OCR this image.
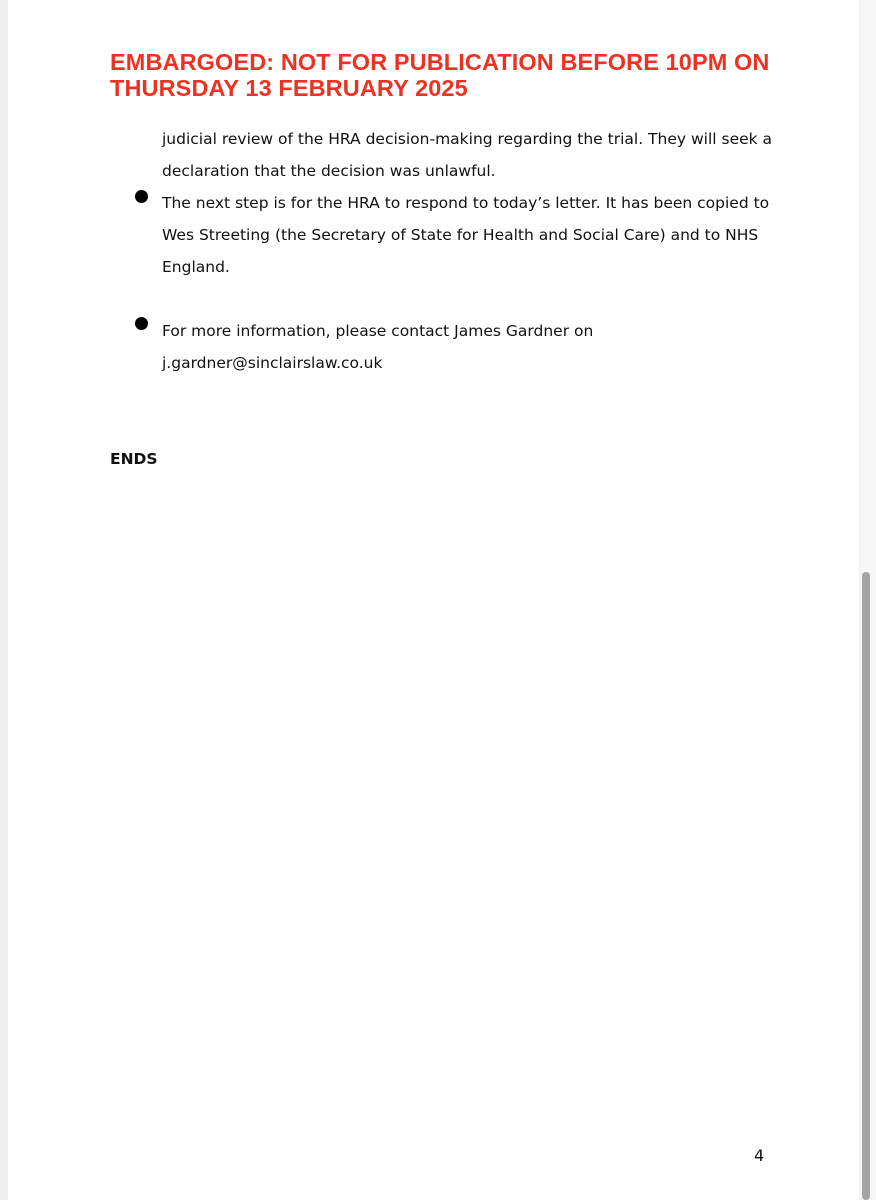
EMBARGOED: NOT FOR PUBLICATION BEFORE 10PM ON THURSDAY 13 FEBRUARY 2025

judicial review of the HRA decision-making regarding the trial. They will seek a declaration that the decision was unlawful.

The next step is for the HRA to respond to today’s letter. It has been copied to Wes Streeting (the Secretary of State for Health and Social Care) and to NHS England.

For more information, please contact James Gardner on j.gardner@sinclairslaw.co.uk

ENDS

4
